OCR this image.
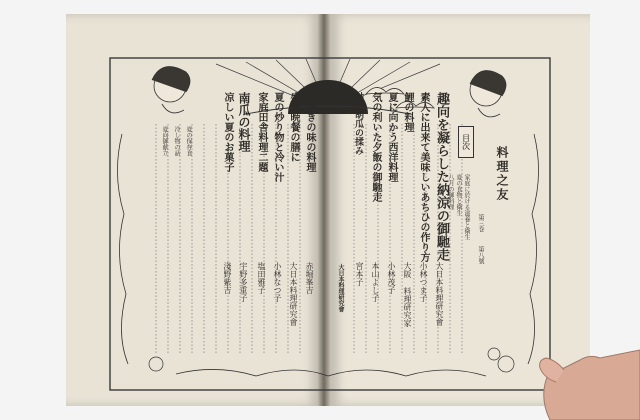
料理之友
第三巻
第八號
目次
趣向を凝らした納涼の御馳走
大日本料理研究會
素人に出来て美味しいあちひの作り方
小林つま子
鯉の料理
大阪 料理研究家
夏に向かう西洋料理
小林茂子
気の利いた夕飯の御馳走
本山よし子
鮎と胡瓜の揉み
宮本子
家庭に於ける滋養と衛生
夏の食物と衛生
八月の御料理
夏向きの味の料理
赤堀峯吉
盛夏晩餐の膳に
大日本料理研究會
夏の炒り物と冷い汁
小林なつ子
家庭田舎料理二題
塩田雅子
南瓜の料理
宇野多重子
凉しい夏のお菓子
淺野紫吉
夏の保存食
冷し物の話
夏向御献立
大日本料理研究會
